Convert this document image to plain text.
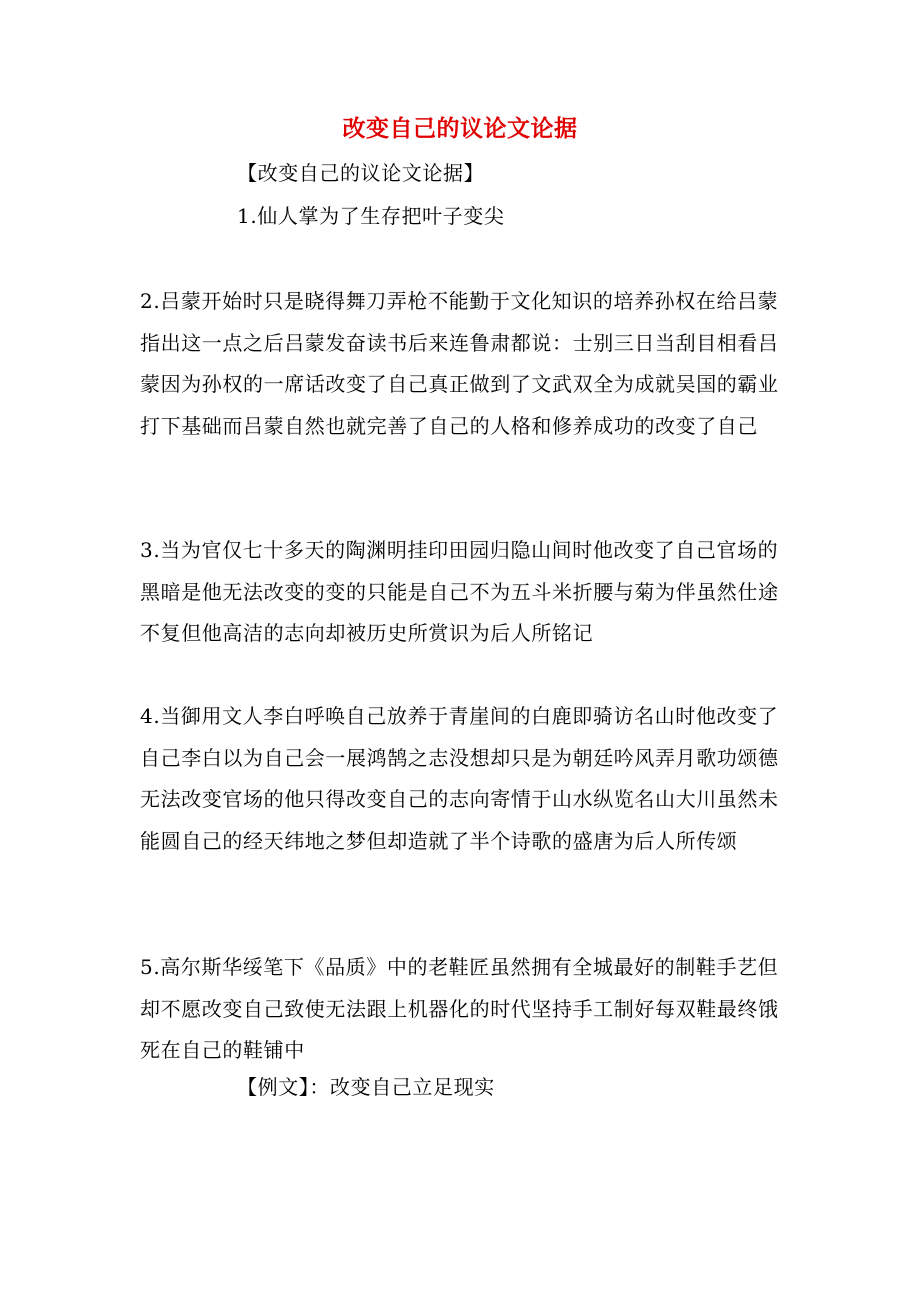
改变自己的议论文论据
【改变自己的议论文论据】
1.仙人掌为了生存把叶子变尖

2.吕蒙开始时只是晓得舞刀弄枪不能勤于文化知识的培养孙权在给吕蒙指出这一点之后吕蒙发奋读书后来连鲁肃都说：士别三日当刮目相看吕蒙因为孙权的一席话改变了自己真正做到了文武双全为成就吴国的霸业打下基础而吕蒙自然也就完善了自己的人格和修养成功的改变了自己

3.当为官仅七十多天的陶渊明挂印田园归隐山间时他改变了自己官场的黑暗是他无法改变的变的只能是自己不为五斗米折腰与菊为伴虽然仕途不复但他高洁的志向却被历史所赏识为后人所铭记

4.当御用文人李白呼唤自己放养于青崖间的白鹿即骑访名山时他改变了自己李白以为自己会一展鸿鹄之志没想却只是为朝廷吟风弄月歌功颂德无法改变官场的他只得改变自己的志向寄情于山水纵览名山大川虽然未能圆自己的经天纬地之梦但却造就了半个诗歌的盛唐为后人所传颂

5.高尔斯华绥笔下《品质》中的老鞋匠虽然拥有全城最好的制鞋手艺但却不愿改变自己致使无法跟上机器化的时代坚持手工制好每双鞋最终饿死在自己的鞋铺中

【例文】：改变自己立足现实
